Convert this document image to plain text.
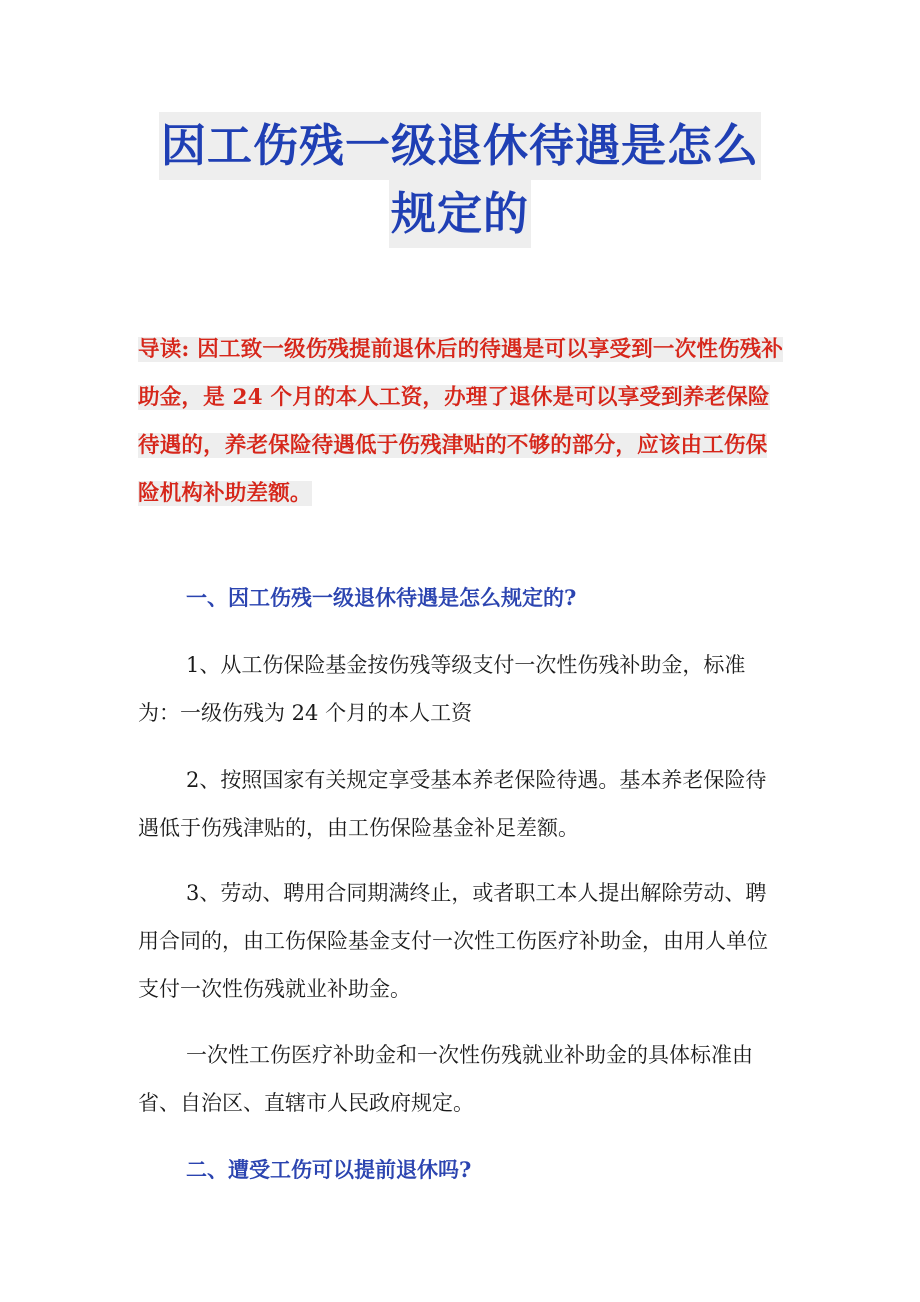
因工伤残一级退休待遇是怎么
规定的
导读: 因工致一级伤残提前退休后的待遇是可以享受到一次性伤残补助金，是 24 个月的本人工资，办理了退休是可以享受到养老保险待遇的，养老保险待遇低于伤残津贴的不够的部分，应该由工伤保险机构补助差额。
一、因工伤残一级退休待遇是怎么规定的?
1、从工伤保险基金按伤残等级支付一次性伤残补助金，标准为：一级伤残为 24 个月的本人工资
2、按照国家有关规定享受基本养老保险待遇。基本养老保险待遇低于伤残津贴的，由工伤保险基金补足差额。
3、劳动、聘用合同期满终止，或者职工本人提出解除劳动、聘用合同的，由工伤保险基金支付一次性工伤医疗补助金，由用人单位支付一次性伤残就业补助金。
一次性工伤医疗补助金和一次性伤残就业补助金的具体标准由省、自治区、直辖市人民政府规定。
二、遭受工伤可以提前退休吗?
